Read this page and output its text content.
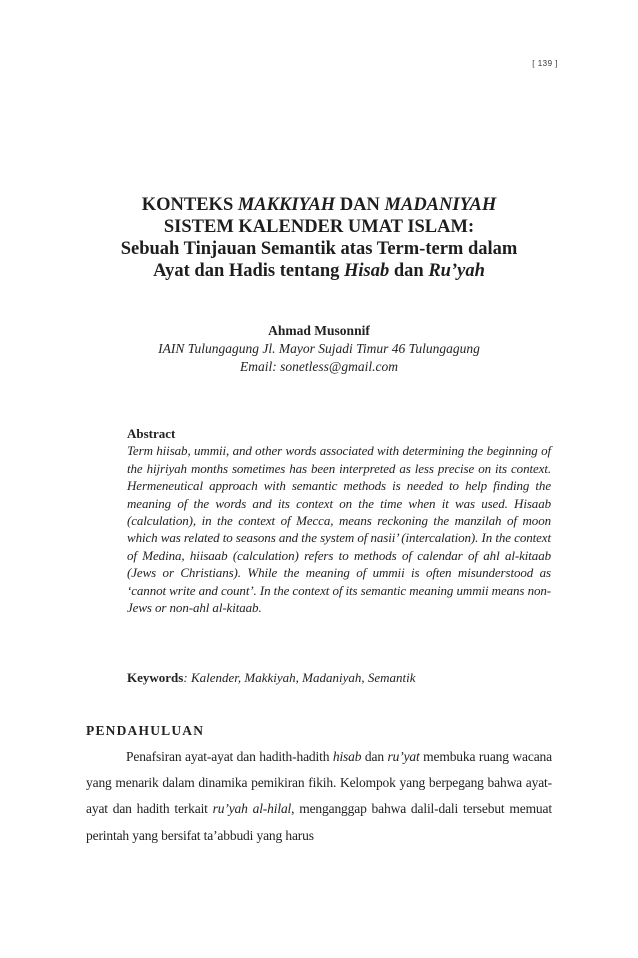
[ 139 ]
KONTEKS MAKKIYAH DAN MADANIYAH
SISTEM KALENDER UMAT ISLAM:
Sebuah Tinjauan Semantik atas Term-term dalam
Ayat dan Hadis tentang Hisab dan Ru’yah
Ahmad Musonnif
IAIN Tulungagung Jl. Mayor Sujadi Timur 46 Tulungagung
Email: sonetless@gmail.com
Abstract
Term hiisab, ummii, and other words associated with determining the beginning of the hijriyah months sometimes has been interpreted as less precise on its context. Hermeneutical approach with semantic methods is needed to help finding the meaning of the words and its context on the time when it was used. Hisaab (calculation), in the context of Mecca, means reckoning the manzilah of moon which was related to seasons and the system of nasii’ (intercalation). In the context of Medina, hiisaab (calculation) refers to methods of calendar of ahl al-kitaab (Jews or Christians). While the meaning of ummii is often misunderstood as ‘cannot write and count’. In the context of its semantic meaning ummii means non-Jews or non-ahl al-kitaab.
Keywords: Kalender, Makkiyah, Madaniyah, Semantik
PENDAHULUAN
Penafsiran ayat-ayat dan hadith-hadith hisab dan ru’yat membuka ruang wacana yang menarik dalam dinamika pemikiran fikih. Kelompok yang berpegang bahwa ayat-ayat dan hadith terkait ru’yah al-hilal, menganggap bahwa dalil-dali tersebut memuat perintah yang bersifat ta’abbudi yang harus
